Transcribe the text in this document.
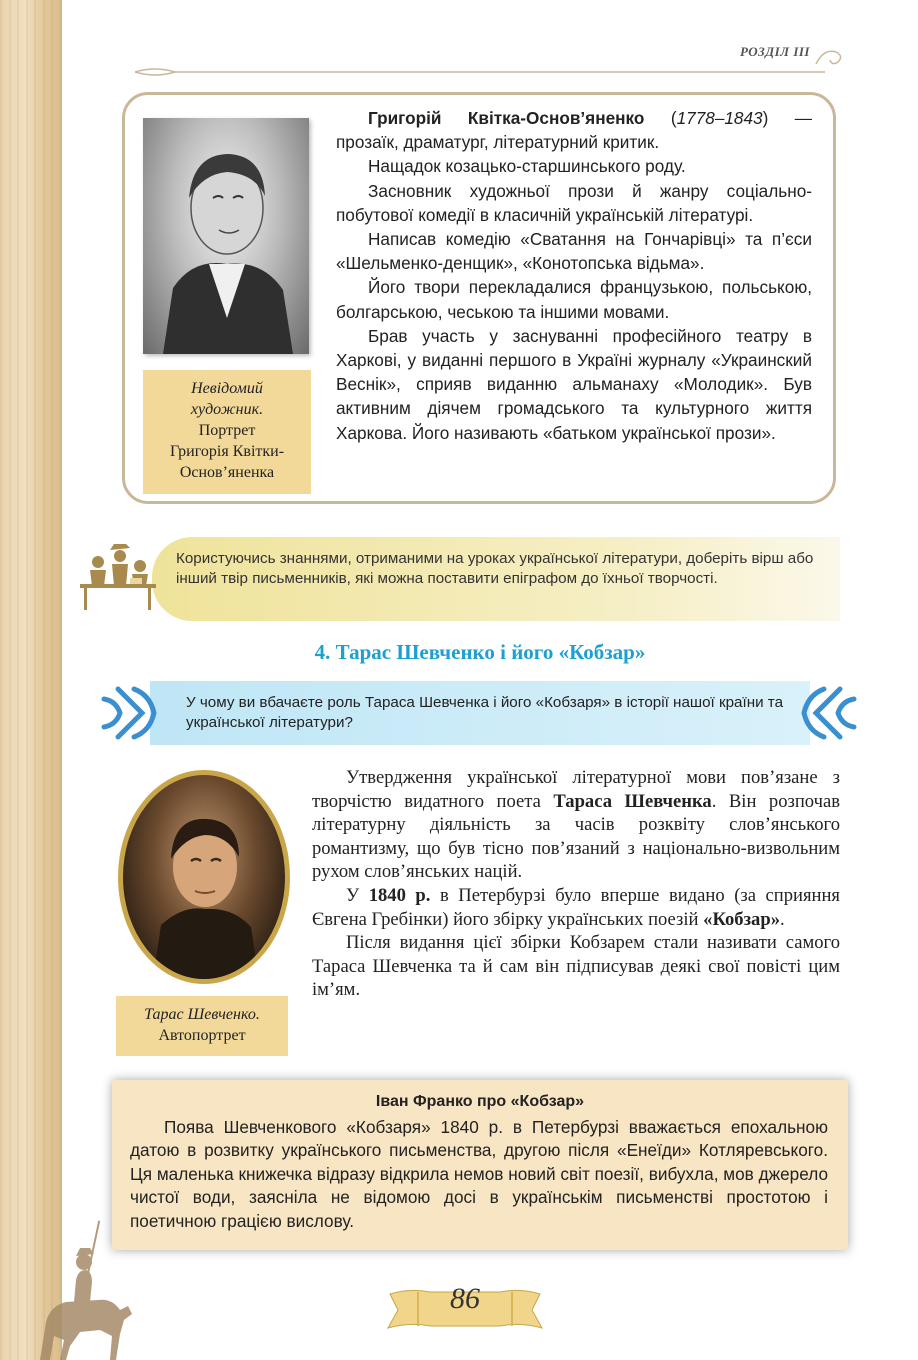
РОЗДІЛ ІІІ
Невідомий
художник.
Портрет
Григорія Квітки-
Основ’яненка

Григорій Квітка-Основ’яненко (1778–1843) — прозаїк, драматург, літературний критик.

Нащадок козацько-старшинського роду.

Засновник художньої прози й жанру соціально-побутової комедії в класичній українській літературі.

Написав комедію «Сватання на Гончарівці» та п’єси «Шельменко-денщик», «Конотопська відьма».

Його твори перекладалися французькою, польською, болгарською, чеською та іншими мовами.

Брав участь у заснуванні професійного театру в Харкові, у виданні першого в Україні журналу «Украинский Веснік», сприяв виданню альманаху «Молодик». Був активним діячем громадського та культурного життя Харкова. Його називають «батьком української прози».

Користуючись знаннями, отриманими на уроках української літератури, доберіть вірш або інший твір письменників, які можна поставити епіграфом до їхньої творчості.
4. Тарас Шевченко і його «Кобзар»
У чому ви вбачаєте роль Тараса Шевченка і його «Кобзаря» в історії нашої країни та української літератури?
Тарас Шевченко.
Автопортрет

Утвердження української літературної мови пов’язане з творчістю видатного поета Тараса Шевченка. Він розпочав літературну діяльність за часів розквіту слов’янського романтизму, що був тісно пов’язаний з національно-визвольним рухом слов’янських націй.

У 1840 р. в Петербурзі було вперше видано (за сприяння Євгена Гребінки) його збірку українських поезій «Кобзар».

Після видання цієї збірки Кобзарем стали називати самого Тараса Шевченка та й сам він підписував деякі свої повісті цим ім’ям.

Іван Франко про «Кобзар»

Поява Шевченкового «Кобзаря» 1840 р. в Петербурзі вважається епохальною датою в розвитку українського письменства, другою після «Енеїди» Котляревського. Ця маленька книжечка відразу відкрила немов новий світ поезії, вибухла, мов джерело чистої води, заясніла не відомою досі в українськім письменстві простотою і поетичною грацією вислову.

86
